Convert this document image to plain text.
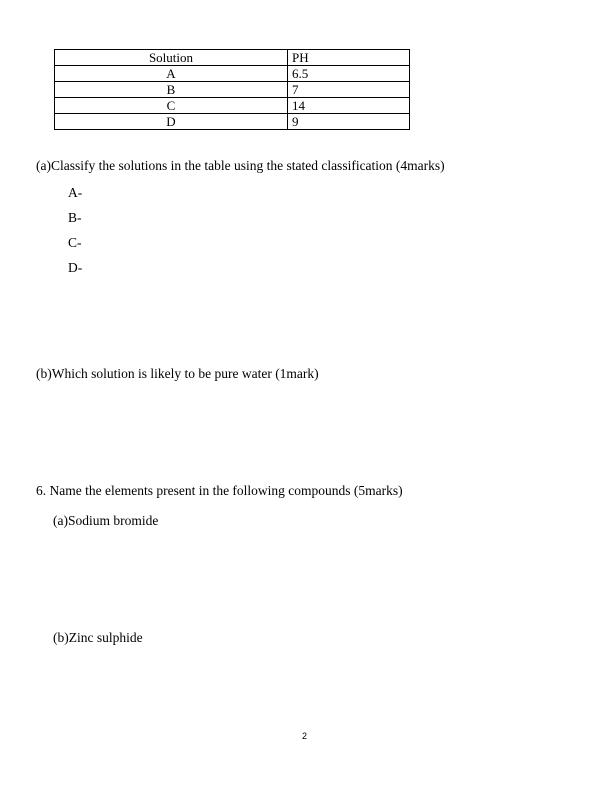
Solution	PH
A	6.5
B	7
C	14
D	9
(a)Classify the solutions in the table using the stated classification (4marks)
A-
B-
C-
D-
(b)Which solution is likely to be pure water (1mark)
6. Name the elements present in the following compounds (5marks)
(a)Sodium bromide
(b)Zinc sulphide
2
